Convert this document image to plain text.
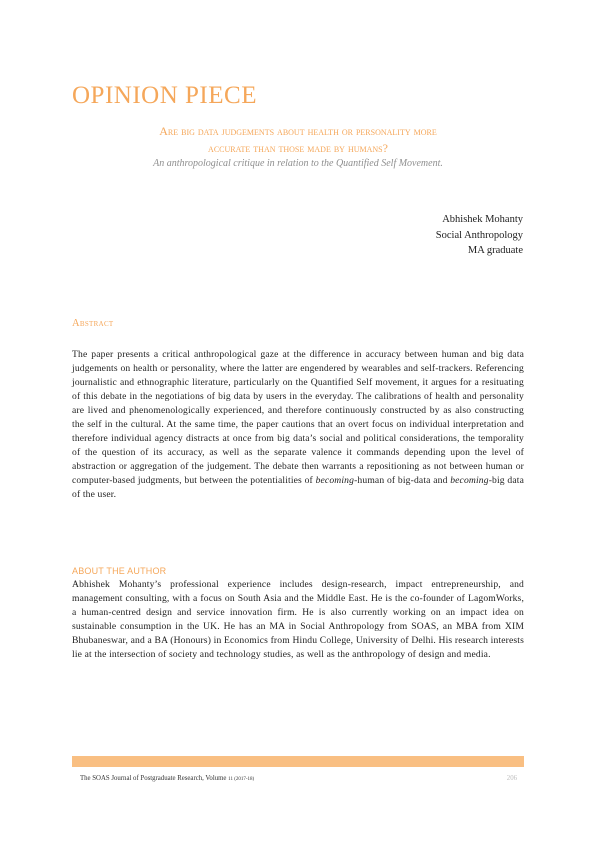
OPINION PIECE
Are big data judgements about health or personality more
accurate than those made by humans?
An anthropological critique in relation to the Quantified Self Movement.
Abhishek Mohanty
Social Anthropology
MA graduate
Abstract
The paper presents a critical anthropological gaze at the difference in accuracy between human and big data judgements on health or personality, where the latter are engendered by wearables and self-trackers. Referencing journalistic and ethnographic literature, particularly on the Quantified Self movement, it argues for a resituating of this debate in the negotiations of big data by users in the everyday. The calibrations of health and personality are lived and phenomenologically experienced, and therefore continuously constructed by as also constructing the self in the cultural. At the same time, the paper cautions that an overt focus on individual interpretation and therefore individual agency distracts at once from big data’s social and political considerations, the temporality of the question of its accuracy, as well as the separate valence it commands depending upon the level of abstraction or aggregation of the judgement. The debate then warrants a repositioning as not between human or computer-based judgments, but between the potentialities of becoming-human of big-data and becoming-big data of the user.
ABOUT THE AUTHOR
Abhishek Mohanty’s professional experience includes design-research, impact entrepreneurship, and management consulting, with a focus on South Asia and the Middle East. He is the co-founder of LagomWorks, a human-centred design and service innovation firm. He is also currently working on an impact idea on sustainable consumption in the UK. He has an MA in Social Anthropology from SOAS, an MBA from XIM Bhubaneswar, and a BA (Honours) in Economics from Hindu College, University of Delhi. His research interests lie at the intersection of society and technology studies, as well as the anthropology of design and media.
The SOAS Journal of Postgraduate Research, Volume 11 (2017-18)	206
